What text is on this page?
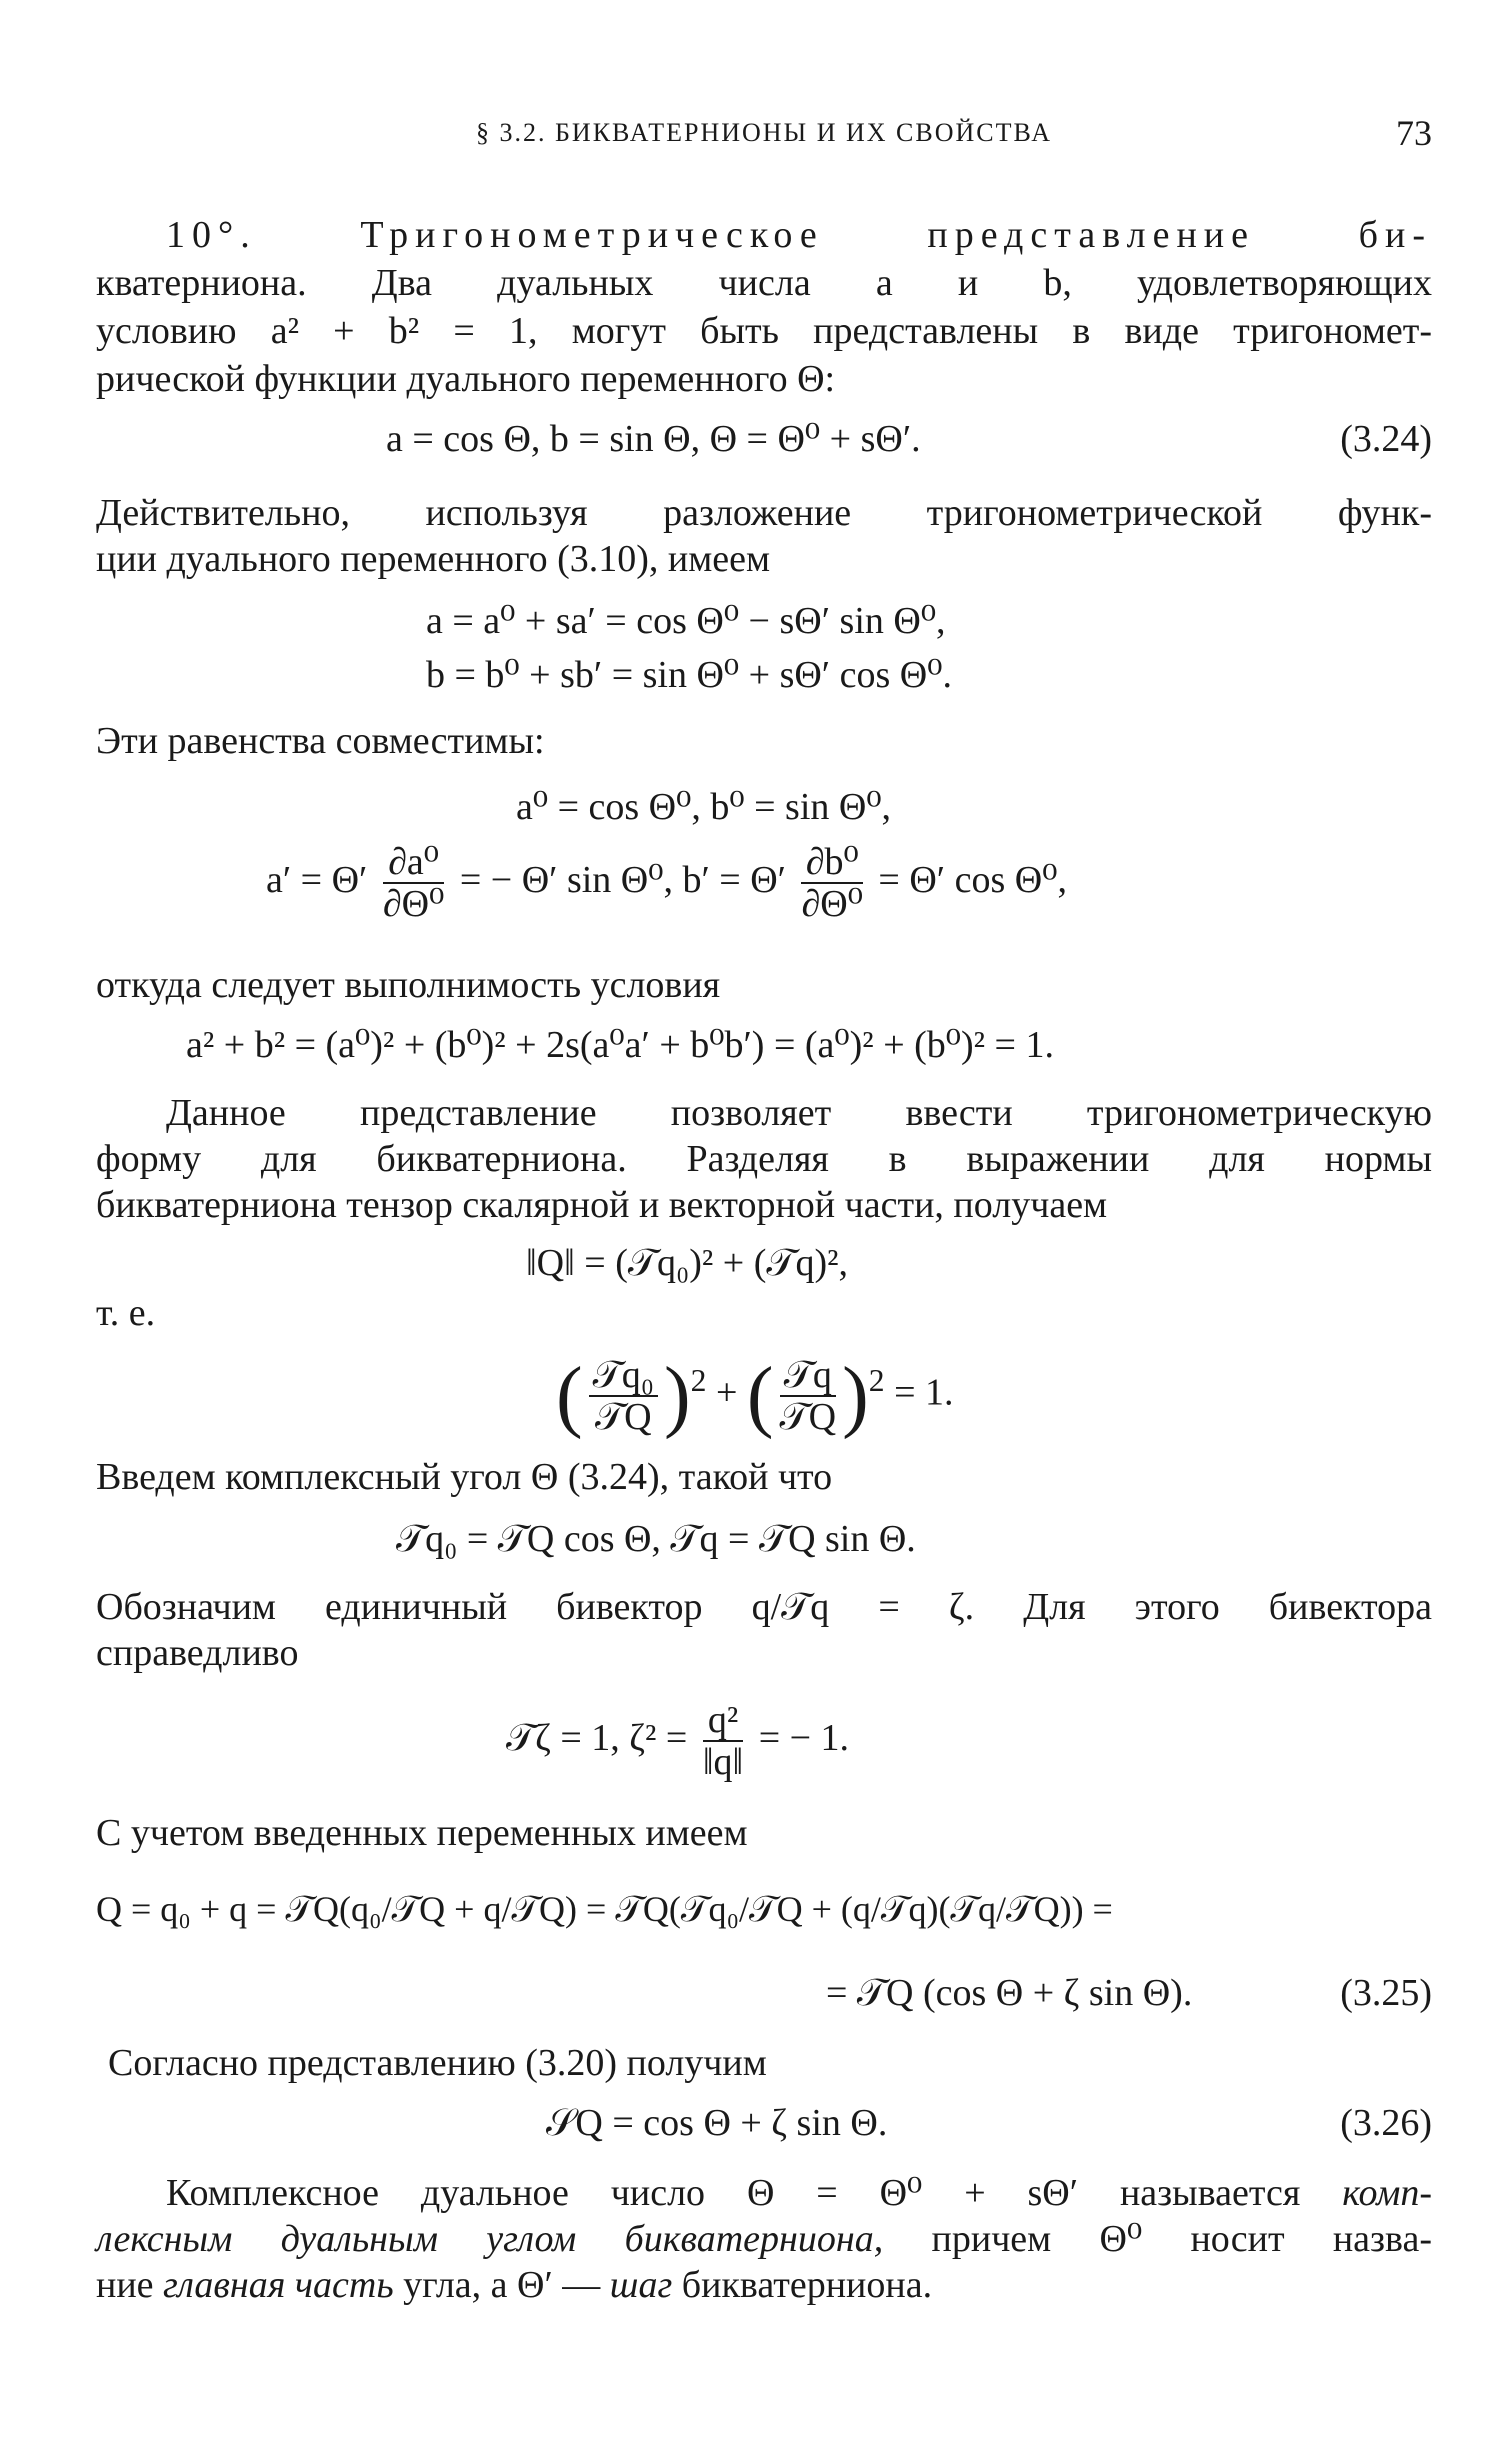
§ 3.2. БИКВАТЕРНИОНЫ И ИХ СВОЙСТВА	73
10°. Тригонометрическое представление би-
кватерниона. Два дуальных числа a и b, удовлетворяющих
условию a² + b² = 1, могут быть представлены в виде тригономет-
рической функции дуального переменного Θ:
a = cos Θ, b = sin Θ, Θ = Θ⁰ + sΘ′.	(3.24)
Действительно, используя разложение тригонометрической функ-
ции дуального переменного (3.10), имеем
a = a⁰ + sa′ = cos Θ⁰ − sΘ′ sin Θ⁰,
b = b⁰ + sb′ = sin Θ⁰ + sΘ′ cos Θ⁰.
Эти равенства совместимы:
a⁰ = cos Θ⁰, b⁰ = sin Θ⁰,
$a' = \Theta' \frac{\text{∂a⁰}}{\text{∂Θ⁰}}$ = − Θ′ sin Θ⁰, $b' = \Theta' \frac{\text{∂b⁰}}{\text{∂Θ⁰}} = \Theta'$ cos Θ⁰,
откуда следует выполнимость условия
a² + b² = (a⁰)² + (b⁰)² + 2s(a⁰a′ + b⁰b′) = (a⁰)² + (b⁰)² = 1.
Данное представление позволяет ввести тригонометрическую
форму для бикватерниона. Разделяя в выражении для нормы
бикватерниона тензор скалярной и векторной части, получаем
‖Q‖ = (𝒯q₀)² + (𝒯q)²,
т. е.
( $\frac{\text{𝒯q₀}}{\text{𝒯Q}} )^2$ + ( $\frac{\text{𝒯q}}{\text{𝒯Q}} )^2 = 1$.
Введем комплексный угол Θ (3.24), такой что
𝒯q₀ = 𝒯Q cos Θ, 𝒯q = 𝒯Q sin Θ.
Обозначим единичный бивектор q/𝒯q = ζ. Для этого бивектора
справедливо
𝒯ζ = 1, $\zeta^2 = \frac{\text{q²}}{‖q‖}$ = − 1.
С учетом введенных переменных имеем
Q = q₀ + q = 𝒯Q(q₀/𝒯Q + q/𝒯Q) = 𝒯Q(𝒯q₀/𝒯Q + (q/𝒯q)(𝒯q/𝒯Q)) =
= 𝒯Q (cos Θ + ζ sin Θ).	(3.25)
Согласно представлению (3.20) получим
𝒮Q = cos Θ + ζ sin Θ.	(3.26)
Комплексное дуальное число Θ = Θ⁰ + sΘ′ называется комп-
лексным дуальным углом бикватерниона, причем Θ⁰ носит назва-
ние главная часть угла, а Θ′ — шаг бикватерниона.
